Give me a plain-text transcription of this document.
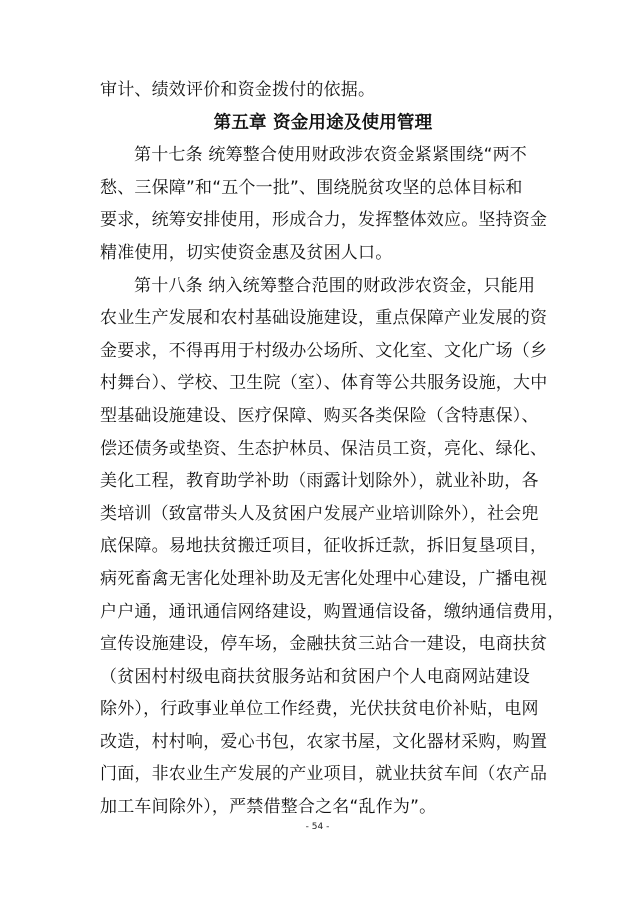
审计、绩效评价和资金拨付的依据。
第五章 资金用途及使用管理
第十七条 统筹整合使用财政涉农资金紧紧围绕“两不
愁、三保障”和“五个一批”、围绕脱贫攻坚的总体目标和
要求，统筹安排使用，形成合力，发挥整体效应。坚持资金
精准使用，切实使资金惠及贫困人口。
第十八条 纳入统筹整合范围的财政涉农资金，只能用
农业生产发展和农村基础设施建设，重点保障产业发展的资
金要求，不得再用于村级办公场所、文化室、文化广场（乡
村舞台）、学校、卫生院（室）、体育等公共服务设施，大中
型基础设施建设、医疗保障、购买各类保险（含特惠保）、
偿还债务或垫资、生态护林员、保洁员工资，亮化、绿化、
美化工程，教育助学补助（雨露计划除外），就业补助，各
类培训（致富带头人及贫困户发展产业培训除外），社会兜
底保障。易地扶贫搬迁项目，征收拆迁款，拆旧复垦项目，
病死畜禽无害化处理补助及无害化处理中心建设，广播电视
户户通，通讯通信网络建设，购置通信设备，缴纳通信费用，
宣传设施建设，停车场，金融扶贫三站合一建设，电商扶贫
（贫困村村级电商扶贫服务站和贫困户个人电商网站建设
除外），行政事业单位工作经费，光伏扶贫电价补贴，电网
改造，村村响，爱心书包，农家书屋，文化器材采购，购置
门面，非农业生产发展的产业项目，就业扶贫车间（农产品
加工车间除外），严禁借整合之名“乱作为”。
- 54 -
